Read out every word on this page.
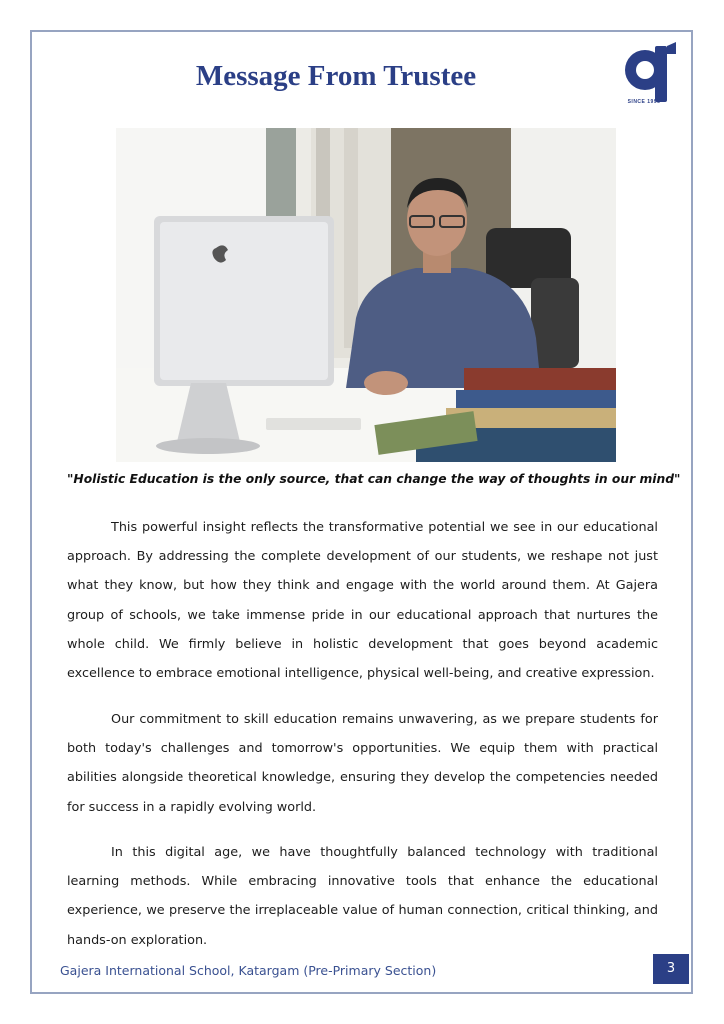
Message From Trustee
SINCE 1995

"Holistic Education is the only source, that can change the way of thoughts in our mind"

This powerful insight reflects the transformative potential we see in our educational approach. By addressing the complete development of our students, we reshape not just what they know, but how they think and engage with the world around them. At Gajera group of schools, we take immense pride in our educational approach that nurtures the whole child. We firmly believe in holistic development that goes beyond academic excellence to embrace emotional intelligence, physical well-being, and creative expression.

Our commitment to skill education remains unwavering, as we prepare students for both today's challenges and tomorrow's opportunities. We equip them with practical abilities alongside theoretical knowledge, ensuring they develop the competencies needed for success in a rapidly evolving world.

In this digital age, we have thoughtfully balanced technology with traditional learning methods. While embracing innovative tools that enhance the educational experience, we preserve the irreplaceable value of human connection, critical thinking, and hands-on exploration.

Gajera International School, Katargam (Pre-Primary Section)	3
